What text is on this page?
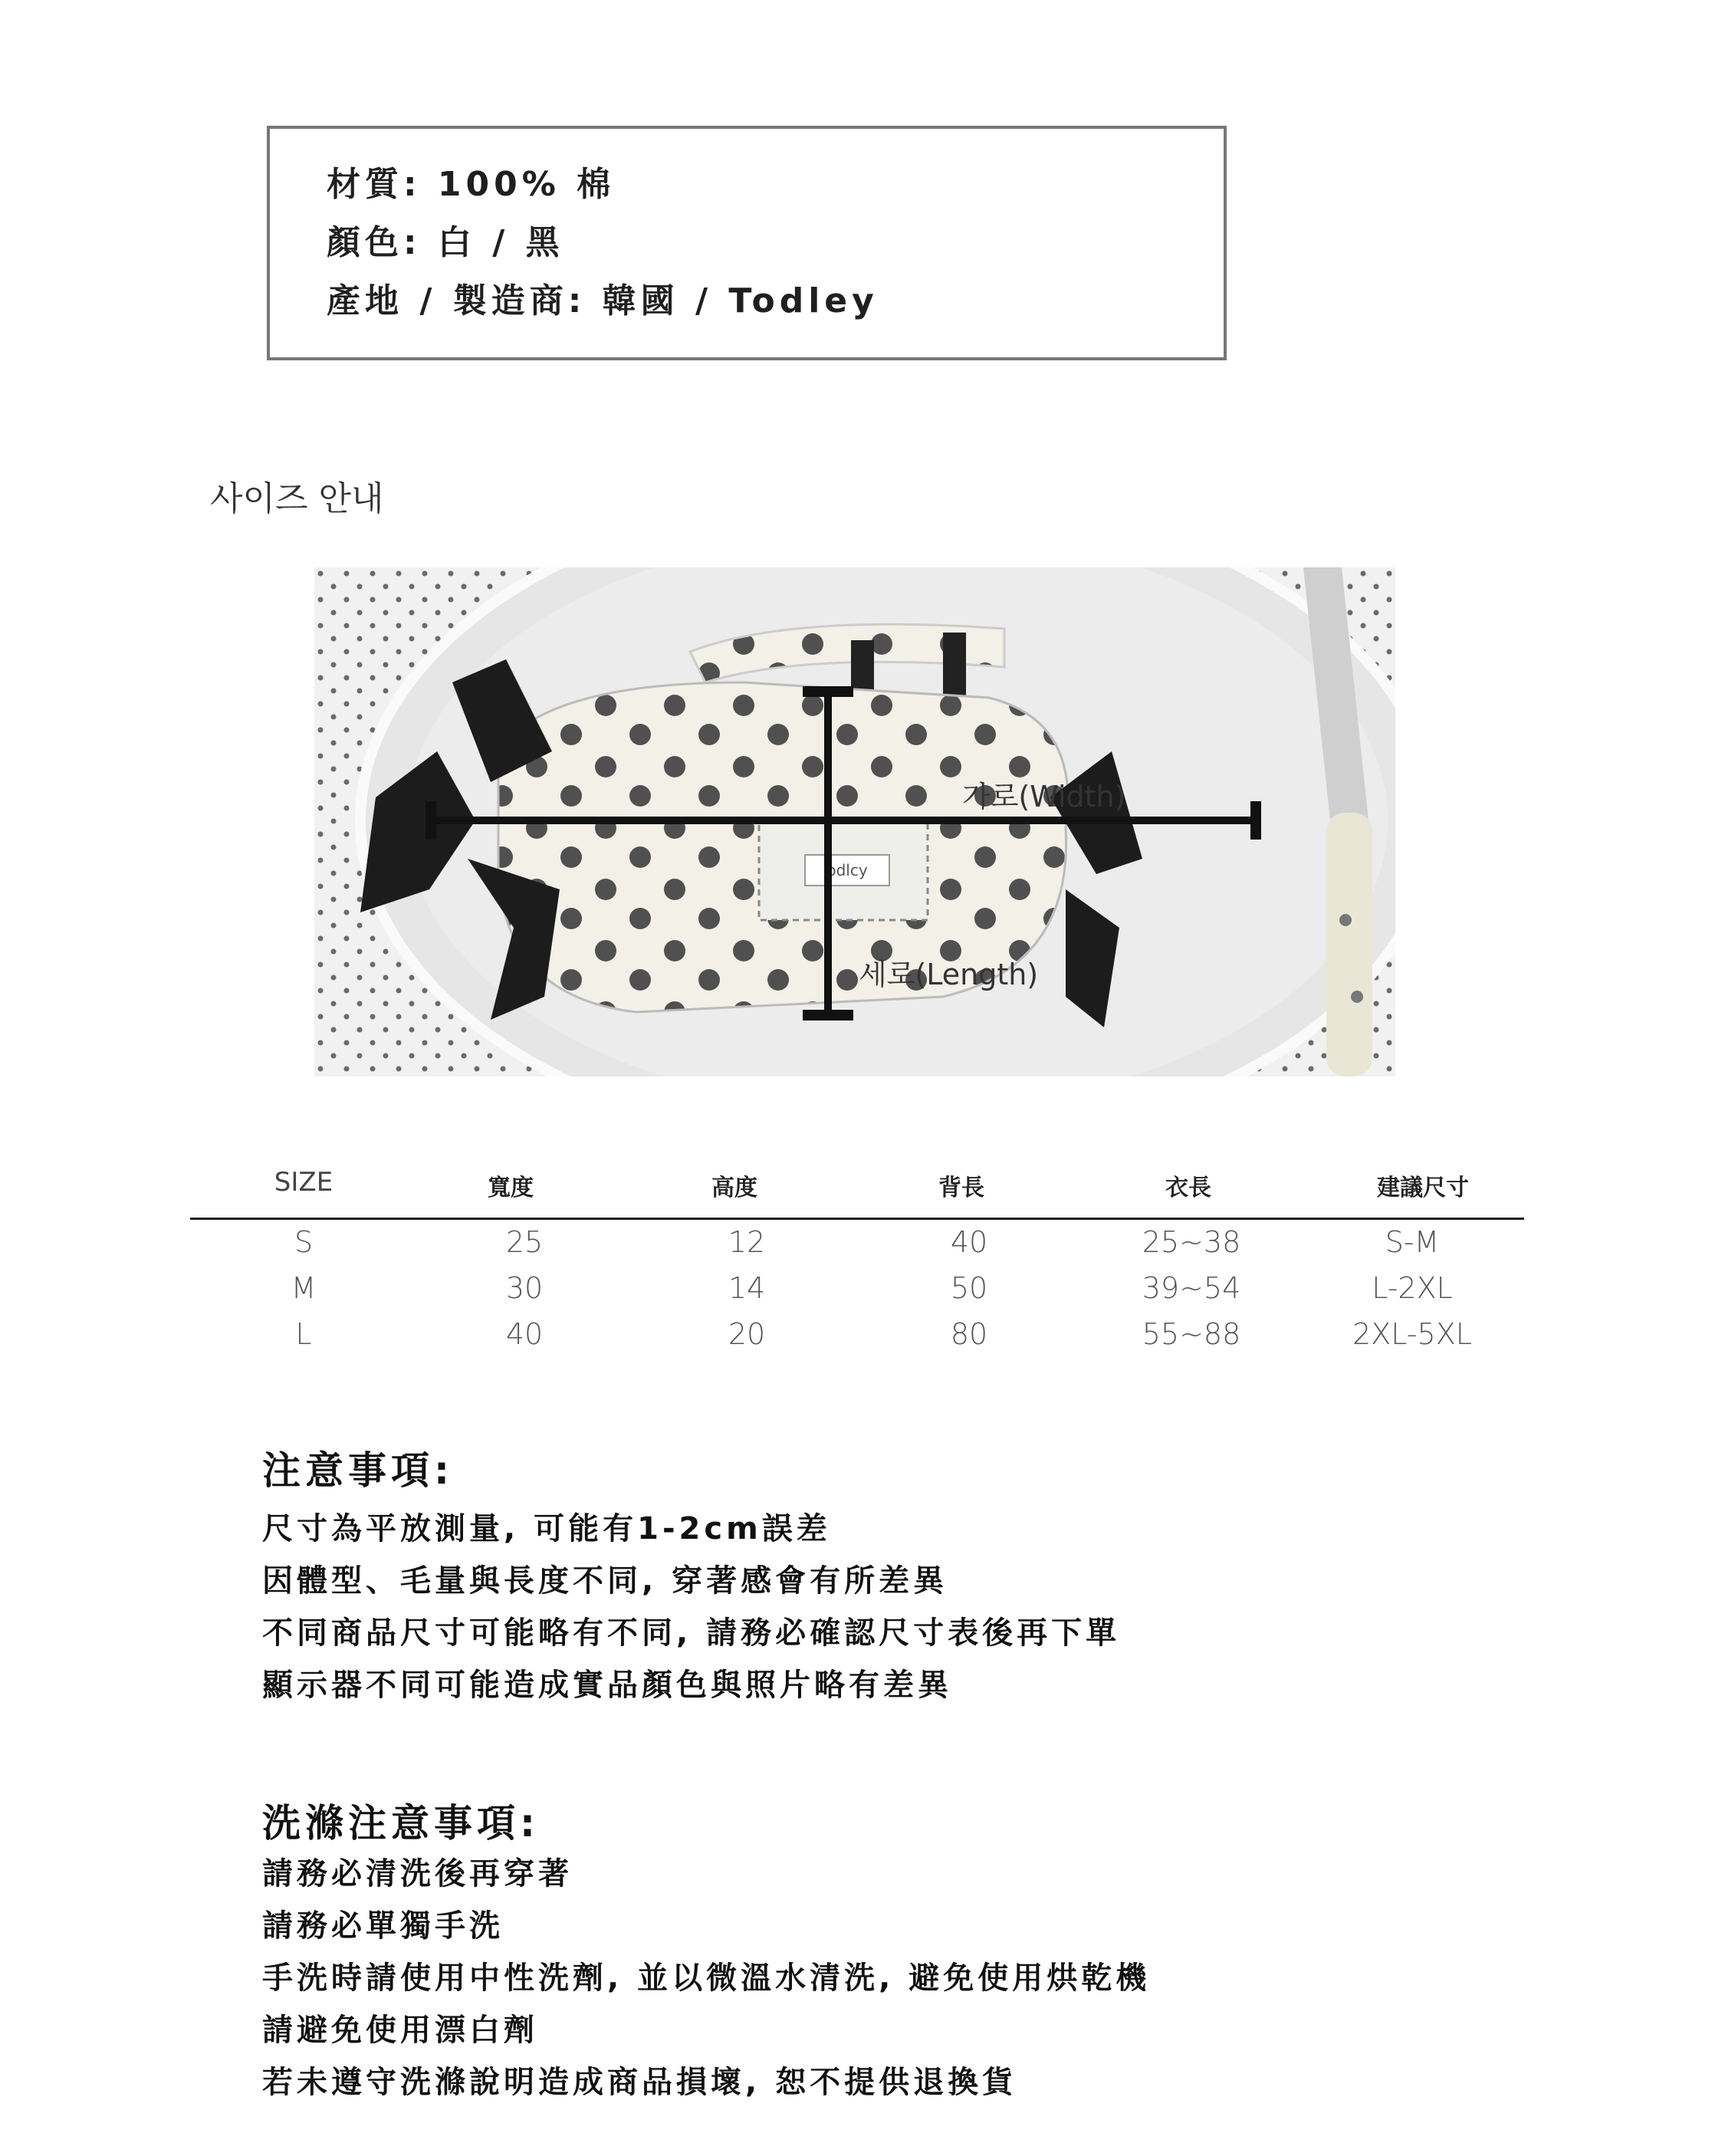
材質: 100% 棉
顏色: 白 / 黑
產地 / 製造商: 韓國 / Todley
사이즈 안내
odlcy
가로(Width)
세로(Length)
SIZE	寬度	高度	背長	衣長	建議尺寸
S	25	12	40	25~38	S-M
M	30	14	50	39~54	L-2XL
L	40	20	80	55~88	2XL-5XL
注意事項:
尺寸為平放測量, 可能有1-2cm誤差
因體型、毛量與長度不同, 穿著感會有所差異
不同商品尺寸可能略有不同, 請務必確認尺寸表後再下單
顯示器不同可能造成實品顏色與照片略有差異
洗滌注意事項:
請務必清洗後再穿著
請務必單獨手洗
手洗時請使用中性洗劑, 並以微溫水清洗, 避免使用烘乾機
請避免使用漂白劑
若未遵守洗滌說明造成商品損壞, 恕不提供退換貨
